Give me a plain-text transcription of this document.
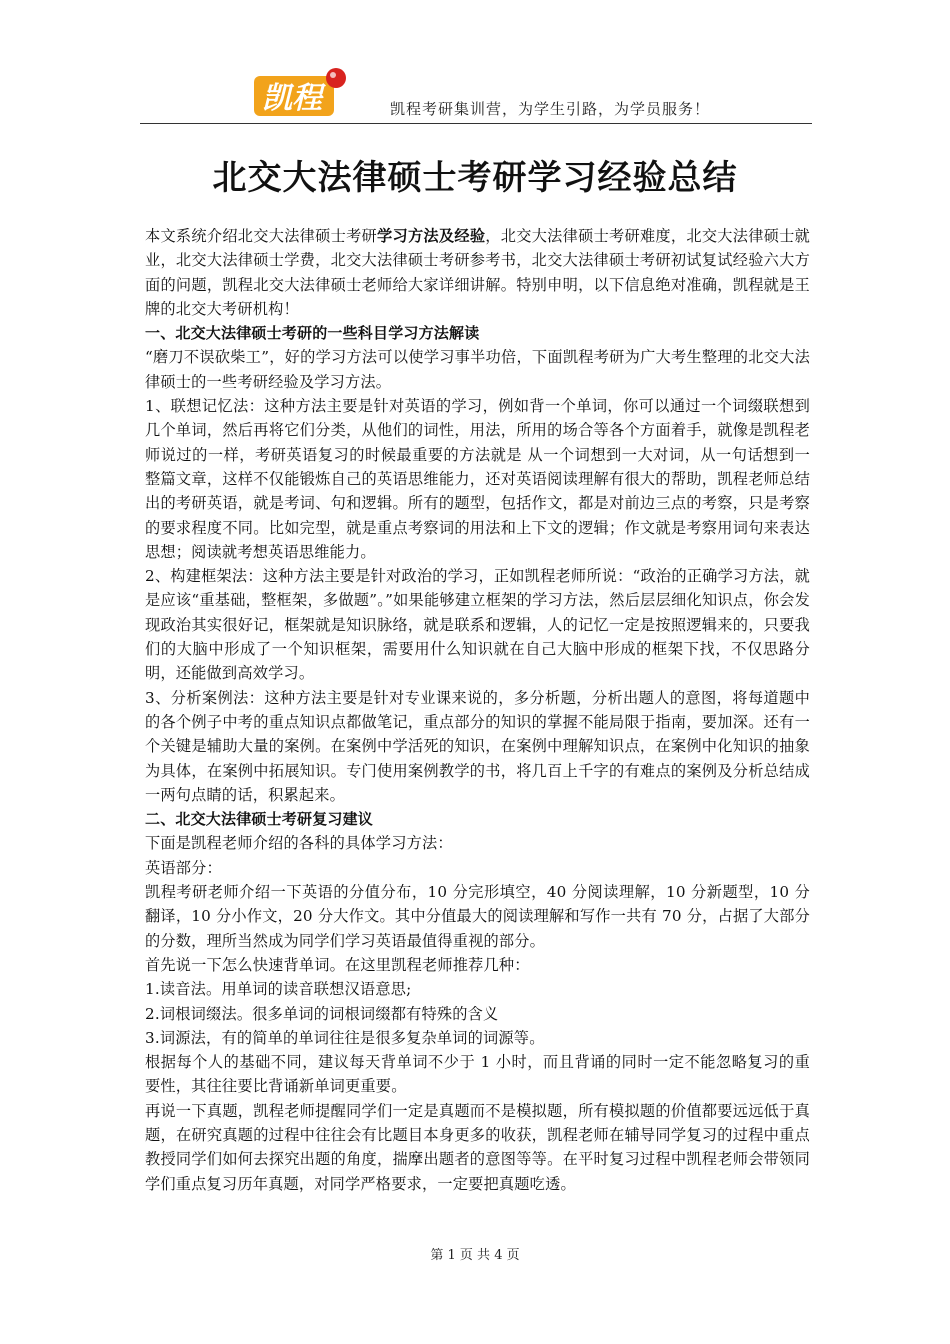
凯程	凯程考研集训营，为学生引路，为学员服务！
北交大法律硕士考研学习经验总结

本文系统介绍北交大法律硕士考研学习方法及经验，北交大法律硕士考研难度，北交大法律硕士就业，北交大法律硕士学费，北交大法律硕士考研参考书，北交大法律硕士考研初试复试经验六大方面的问题，凯程北交大法律硕士老师给大家详细讲解。特别申明，以下信息绝对准确，凯程就是王牌的北交大考研机构！

一、北交大法律硕士考研的一些科目学习方法解读

“磨刀不误砍柴工”，好的学习方法可以使学习事半功倍，下面凯程考研为广大考生整理的北交大法律硕士的一些考研经验及学习方法。

1、联想记忆法：这种方法主要是针对英语的学习，例如背一个单词，你可以通过一个词缀联想到几个单词，然后再将它们分类，从他们的词性，用法，所用的场合等各个方面着手，就像是凯程老师说过的一样，考研英语复习的时候最重要的方法就是 从一个词想到一大对词，从一句话想到一整篇文章，这样不仅能锻炼自己的英语思维能力，还对英语阅读理解有很大的帮助，凯程老师总结出的考研英语，就是考词、句和逻辑。所有的题型，包括作文，都是对前边三点的考察，只是考察的要求程度不同。比如完型，就是重点考察词的用法和上下文的逻辑；作文就是考察用词句来表达思想；阅读就考想英语思维能力。

2、构建框架法：这种方法主要是针对政治的学习，正如凯程老师所说：“政治的正确学习方法，就是应该“重基础，整框架，多做题”。”如果能够建立框架的学习方法，然后层层细化知识点，你会发现政治其实很好记，框架就是知识脉络，就是联系和逻辑，人的记忆一定是按照逻辑来的，只要我们的大脑中形成了一个知识框架，需要用什么知识就在自己大脑中形成的框架下找，不仅思路分明，还能做到高效学习。

3、分析案例法：这种方法主要是针对专业课来说的，多分析题，分析出题人的意图，将每道题中的各个例子中考的重点知识点都做笔记，重点部分的知识的掌握不能局限于指南，要加深。还有一个关键是辅助大量的案例。在案例中学活死的知识，在案例中理解知识点，在案例中化知识的抽象为具体，在案例中拓展知识。专门使用案例教学的书，将几百上千字的有难点的案例及分析总结成一两句点睛的话，积累起来。

二、北交大法律硕士考研复习建议

下面是凯程老师介绍的各科的具体学习方法：

英语部分：

凯程考研老师介绍一下英语的分值分布，10 分完形填空，40 分阅读理解，10 分新题型，10 分翻译，10 分小作文，20 分大作文。其中分值最大的阅读理解和写作一共有 70 分，占据了大部分的分数，理所当然成为同学们学习英语最值得重视的部分。

首先说一下怎么快速背单词。在这里凯程老师推荐几种：

1.读音法。用单词的读音联想汉语意思;

2.词根词缀法。很多单词的词根词缀都有特殊的含义

3.词源法，有的简单的单词往往是很多复杂单词的词源等。

根据每个人的基础不同，建议每天背单词不少于 1 小时，而且背诵的同时一定不能忽略复习的重要性，其往往要比背诵新单词更重要。

再说一下真题，凯程老师提醒同学们一定是真题而不是模拟题，所有模拟题的价值都要远远低于真题，在研究真题的过程中往往会有比题目本身更多的收获，凯程老师在辅导同学复习的过程中重点教授同学们如何去探究出题的角度，揣摩出题者的意图等等。在平时复习过程中凯程老师会带领同学们重点复习历年真题，对同学严格要求，一定要把真题吃透。

第 1 页 共 4 页
